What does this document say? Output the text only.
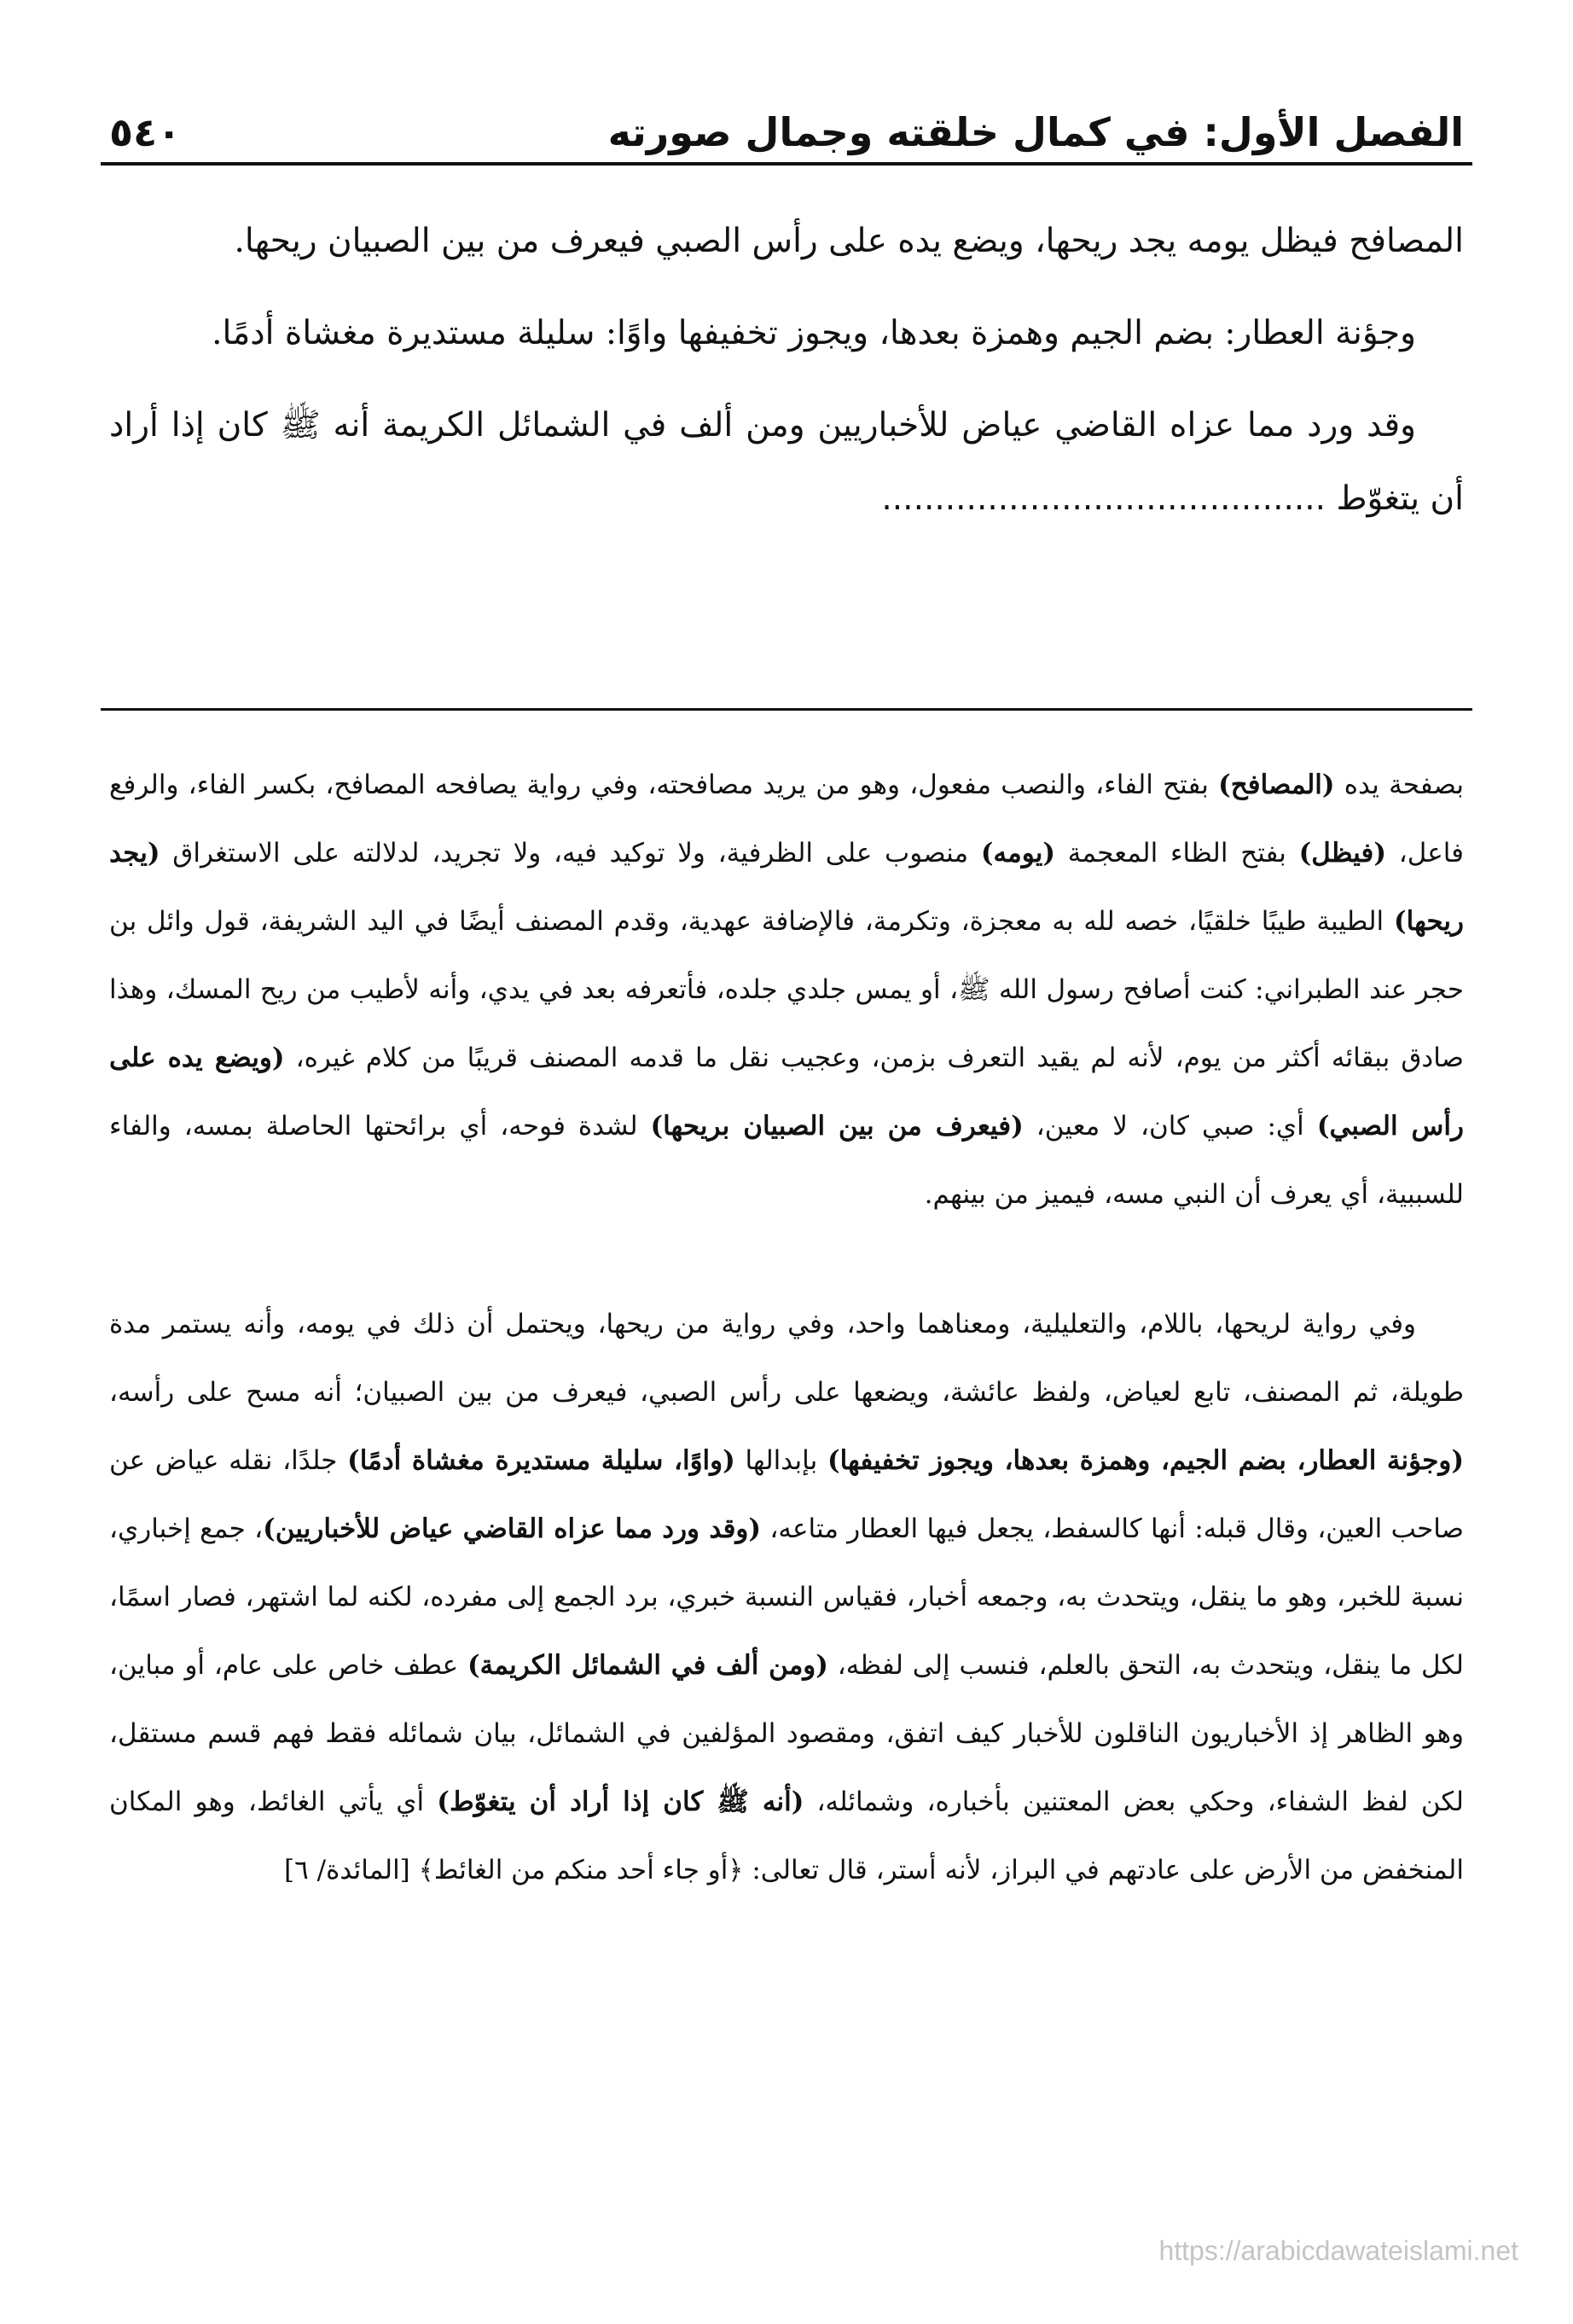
الفصل الأول: في كمال خلقته وجمال صورته
٥٤٠

المصافح فيظل يومه يجد ريحها، ويضع يده على رأس الصبي فيعرف من بين الصبيان ريحها.

وجؤنة العطار: بضم الجيم وهمزة بعدها، ويجوز تخفيفها واوًا: سليلة مستديرة مغشاة أدمًا.

وقد ورد مما عزاه القاضي عياض للأخباريين ومن ألف في الشمائل الكريمة أنه ﷺ كان إذا أراد أن يتغوّط ..........................................

بصفحة يده (المصافح) بفتح الفاء، والنصب مفعول، وهو من يريد مصافحته، وفي رواية يصافحه المصافح، بكسر الفاء، والرفع فاعل، (فيظل) بفتح الظاء المعجمة (يومه) منصوب على الظرفية، ولا توكيد فيه، ولا تجريد، لدلالته على الاستغراق (يجد ريحها) الطيبة طيبًا خلقيًا، خصه لله به معجزة، وتكرمة، فالإضافة عهدية، وقدم المصنف أيضًا في اليد الشريفة، قول وائل بن حجر عند الطبراني: كنت أصافح رسول الله ﷺ، أو يمس جلدي جلده، فأتعرفه بعد في يدي، وأنه لأطيب من ريح المسك، وهذا صادق ببقائه أكثر من يوم، لأنه لم يقيد التعرف بزمن، وعجيب نقل ما قدمه المصنف قريبًا من كلام غيره، (ويضع يده على رأس الصبي) أي: صبي كان، لا معين، (فيعرف من بين الصبيان بريحها) لشدة فوحه، أي برائحتها الحاصلة بمسه، والفاء للسببية، أي يعرف أن النبي مسه، فيميز من بينهم.

وفي رواية لريحها، باللام، والتعليلية، ومعناهما واحد، وفي رواية من ريحها، ويحتمل أن ذلك في يومه، وأنه يستمر مدة طويلة، ثم المصنف، تابع لعياض، ولفظ عائشة، ويضعها على رأس الصبي، فيعرف من بين الصبيان؛ أنه مسح على رأسه، (وجؤنة العطار، بضم الجيم، وهمزة بعدها، ويجوز تخفيفها) بإبدالها (واوًا، سليلة مستديرة مغشاة أدمًا) جلدًا، نقله عياض عن صاحب العين، وقال قبله: أنها كالسفط، يجعل فيها العطار متاعه، (وقد ورد مما عزاه القاضي عياض للأخباريين)، جمع إخباري، نسبة للخبر، وهو ما ينقل، ويتحدث به، وجمعه أخبار، فقياس النسبة خبري، برد الجمع إلى مفرده، لكنه لما اشتهر، فصار اسمًا، لكل ما ينقل، ويتحدث به، التحق بالعلم، فنسب إلى لفظه، (ومن ألف في الشمائل الكريمة) عطف خاص على عام، أو مباين، وهو الظاهر إذ الأخباريون الناقلون للأخبار كيف اتفق، ومقصود المؤلفين في الشمائل، بيان شمائله فقط فهم قسم مستقل، لكن لفظ الشفاء، وحكي بعض المعتنين بأخباره، وشمائله، (أنه ﷺ كان إذا أراد أن يتغوّط) أي يأتي الغائط، وهو المكان المنخفض من الأرض على عادتهم في البراز، لأنه أستر، قال تعالى: ﴿أو جاء أحد منكم من الغائط﴾ [المائدة/ ٦]

https://arabicdawateislami.net
